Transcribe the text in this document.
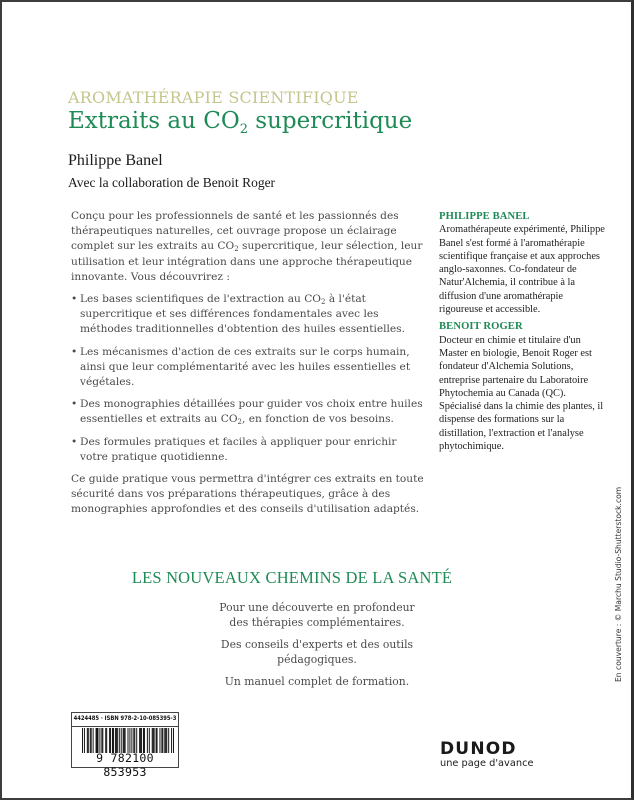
AROMATHÉRAPIE SCIENTIFIQUE
Extraits au $CO_2$ supercritique
Philippe Banel
Avec la collaboration de Benoit Roger

Conçu pour les professionnels de santé et les passionnés des thérapeutiques naturelles, cet ouvrage propose un éclairage complet sur les extraits au $CO_2$ supercritique, leur sélection, leur utilisation et leur intégration dans une approche thérapeutique innovante. Vous découvrirez :

• Les bases scientifiques de l'extraction au $CO_2$ à l'état supercritique et ses différences fondamentales avec les méthodes traditionnelles d'obtention des huiles essentielles.
• Les mécanismes d'action de ces extraits sur le corps humain, ainsi que leur complémentarité avec les huiles essentielles et végétales.
• Des monographies détaillées pour guider vos choix entre huiles essentielles et extraits au $CO_2$, en fonction de vos besoins.
• Des formules pratiques et faciles à appliquer pour enrichir votre pratique quotidienne.

Ce guide pratique vous permettra d'intégrer ces extraits en toute sécurité dans vos préparations thérapeutiques, grâce à des monographies approfondies et des conseils d'utilisation adaptés.

PHILIPPE BANEL

Aromathérapeute expérimenté, Philippe Banel s'est formé à l'aromathérapie scientifique française et aux approches anglo-saxonnes. Co-fondateur de Natur'Alchemia, il contribue à la diffusion d'une aromathérapie rigoureuse et accessible.

BENOIT ROGER

Docteur en chimie et titulaire d'un Master en biologie, Benoit Roger est fondateur d'Alchemia Solutions, entreprise partenaire du Laboratoire Phytochemia au Canada (QC). Spécialisé dans la chimie des plantes, il dispense des formations sur la distillation, l'extraction et l'analyse phytochimique.

LES NOUVEAUX CHEMINS DE LA SANTÉ
Pour une découverte en profondeur
des thérapies complémentaires.
Des conseils d'experts et des outils pédagogiques.
Un manuel complet de formation.	En couverture : © Marchu Studio-Shutterstock.com
4424485 · ISBN 978-2-10-085395-3
9 782100 853953
DUNOD
une page d'avance
